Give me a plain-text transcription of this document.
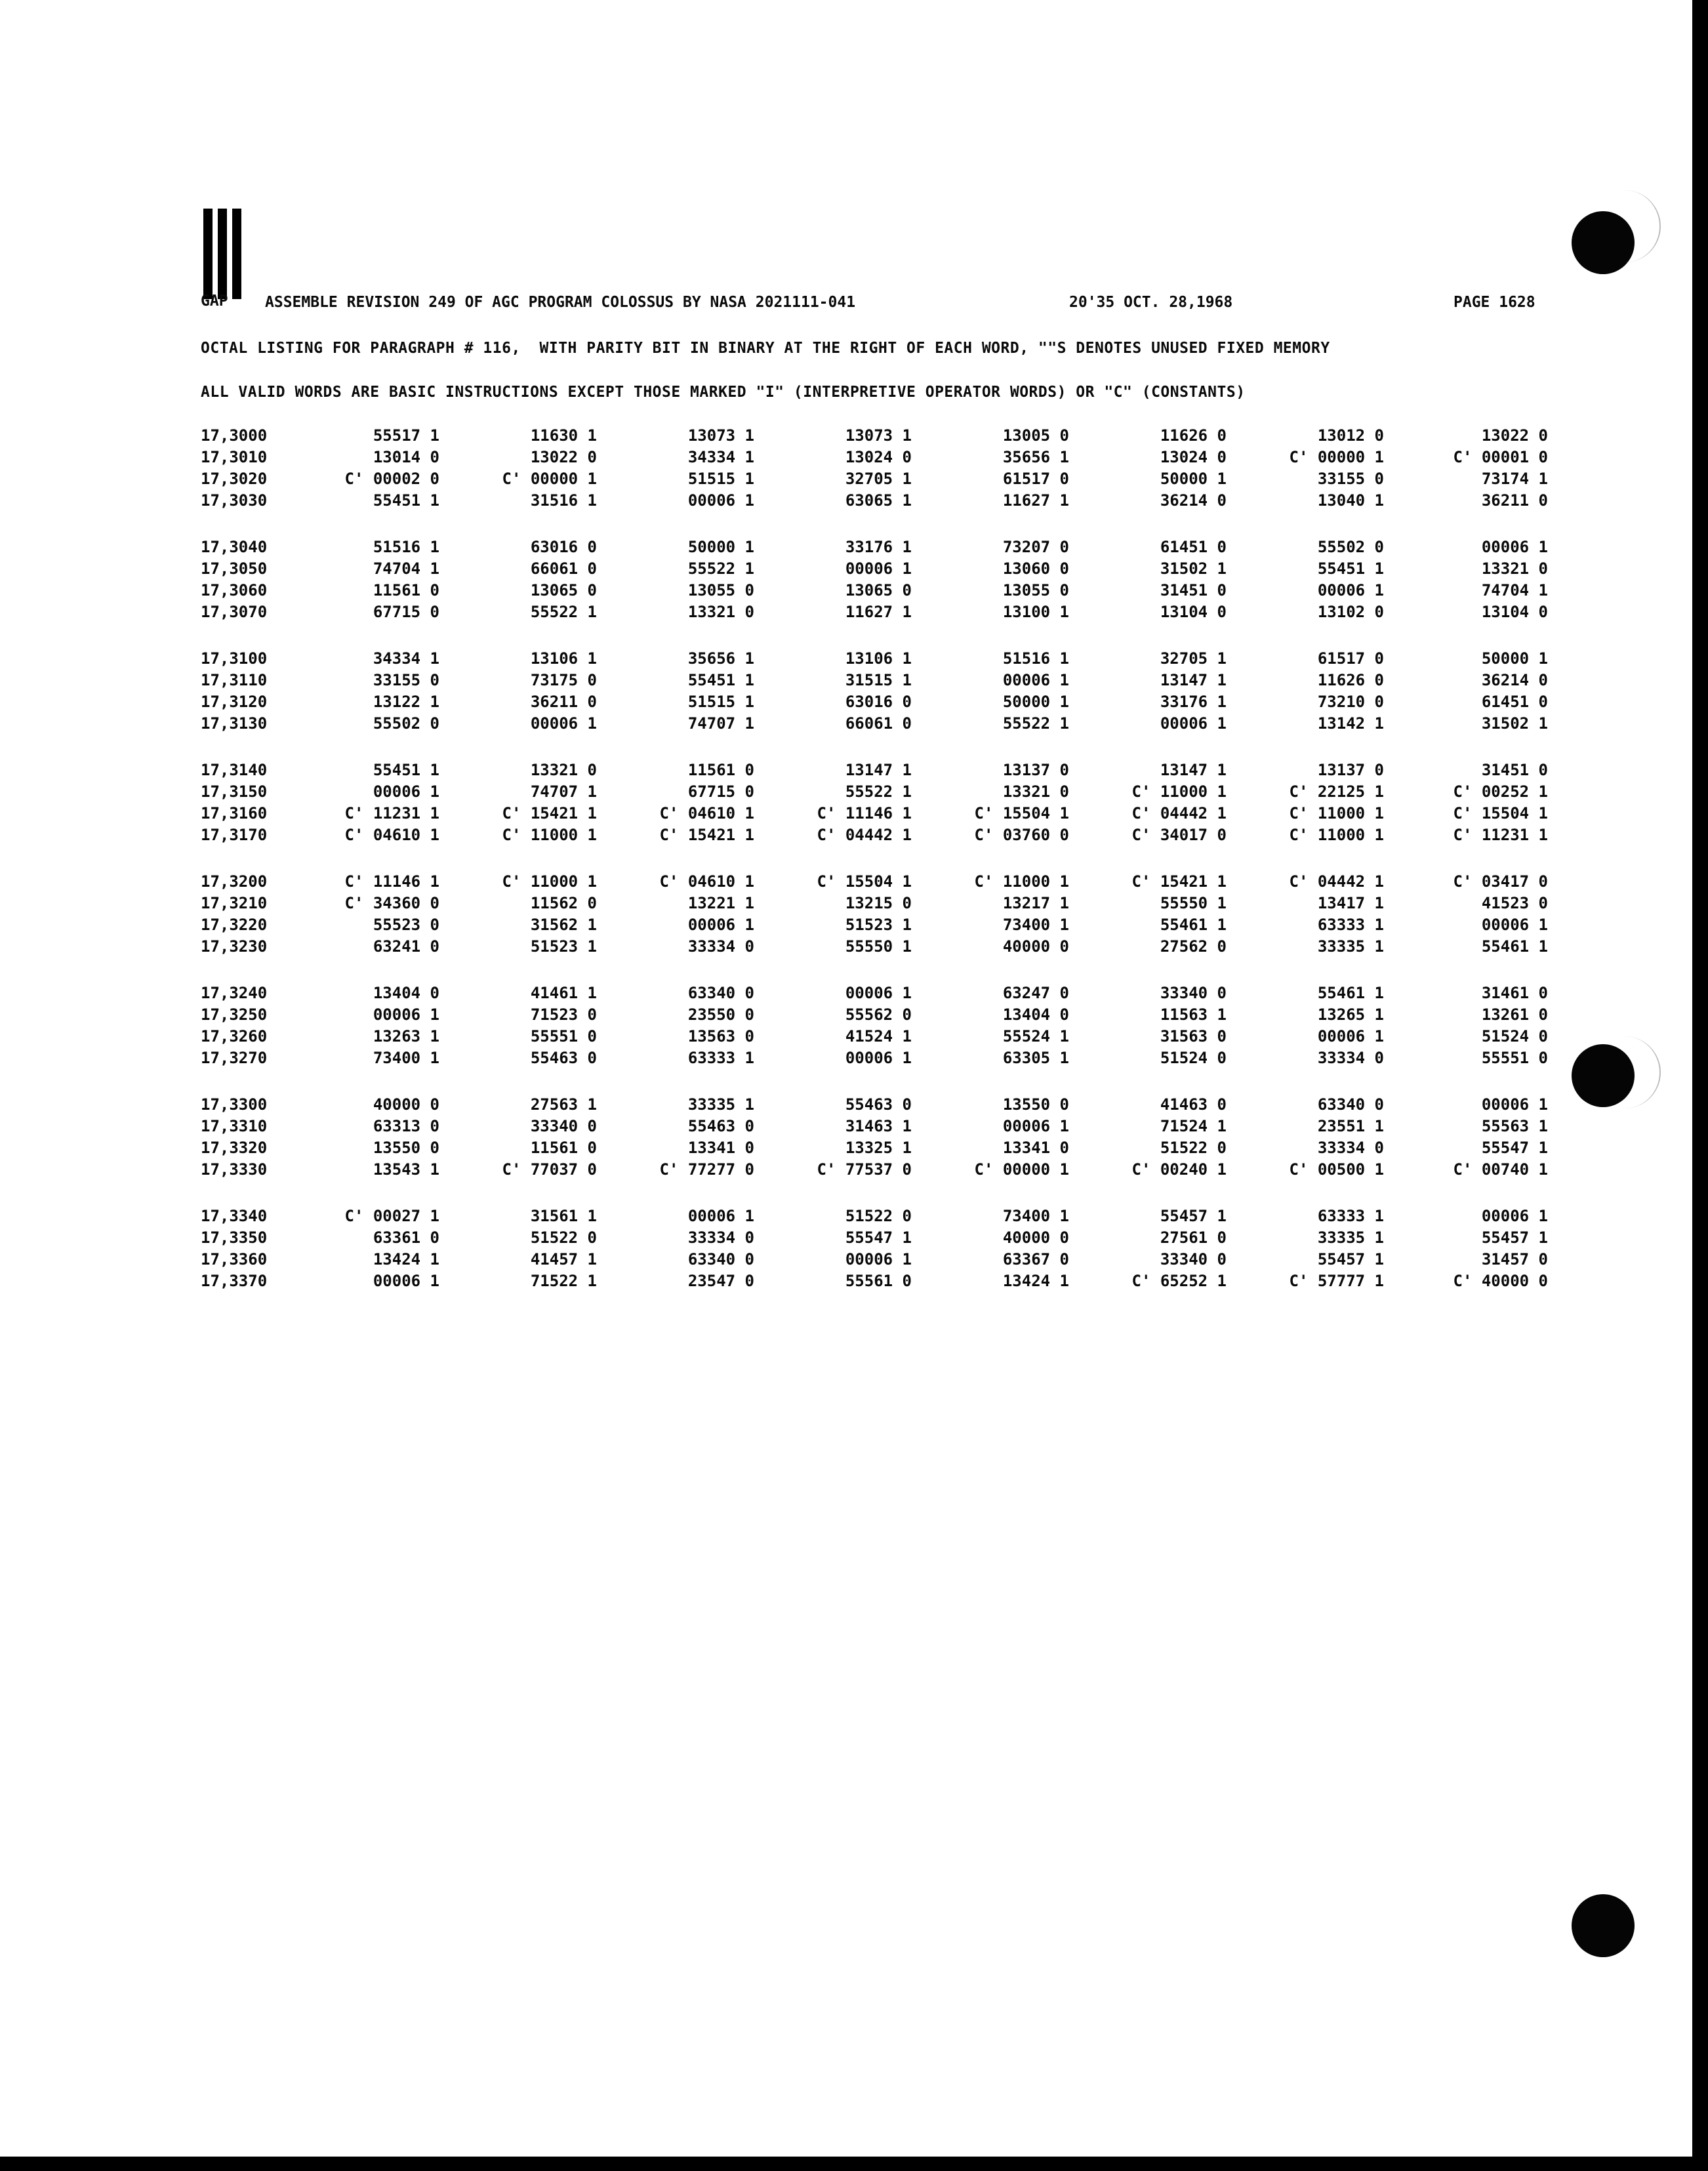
GAP ASSEMBLE REVISION 249 OF AGC PROGRAM COLOSSUS BY NASA 2021111-041	20'35 OCT. 28,1968	PAGE 1628
OCTAL LISTING FOR PARAGRAPH # 116,  WITH PARITY BIT IN BINARY AT THE RIGHT OF EACH WORD, ""S DENOTES UNUSED FIXED MEMORY
ALL VALID WORDS ARE BASIC INSTRUCTIONS EXCEPT THOSE MARKED "I" (INTERPRETIVE OPERATOR WORDS) OR "C" (CONSTANTS)
17,3000	55517 1	11630 1	13073 1	13073 1	13005 0	11626 0	13012 0	13022 0
17,3010	13014 0	13022 0	34334 1	13024 0	35656 1	13024 0	C' 00000 1	C' 00001 0
17,3020	C' 00002 0	C' 00000 1	51515 1	32705 1	61517 0	50000 1	33155 0	73174 1
17,3030	55451 1	31516 1	00006 1	63065 1	11627 1	36214 0	13040 1	36211 0
17,3040	51516 1	63016 0	50000 1	33176 1	73207 0	61451 0	55502 0	00006 1
17,3050	74704 1	66061 0	55522 1	00006 1	13060 0	31502 1	55451 1	13321 0
17,3060	11561 0	13065 0	13055 0	13065 0	13055 0	31451 0	00006 1	74704 1
17,3070	67715 0	55522 1	13321 0	11627 1	13100 1	13104 0	13102 0	13104 0
17,3100	34334 1	13106 1	35656 1	13106 1	51516 1	32705 1	61517 0	50000 1
17,3110	33155 0	73175 0	55451 1	31515 1	00006 1	13147 1	11626 0	36214 0
17,3120	13122 1	36211 0	51515 1	63016 0	50000 1	33176 1	73210 0	61451 0
17,3130	55502 0	00006 1	74707 1	66061 0	55522 1	00006 1	13142 1	31502 1
17,3140	55451 1	13321 0	11561 0	13147 1	13137 0	13147 1	13137 0	31451 0
17,3150	00006 1	74707 1	67715 0	55522 1	13321 0	C' 11000 1	C' 22125 1	C' 00252 1
17,3160	C' 11231 1	C' 15421 1	C' 04610 1	C' 11146 1	C' 15504 1	C' 04442 1	C' 11000 1	C' 15504 1
17,3170	C' 04610 1	C' 11000 1	C' 15421 1	C' 04442 1	C' 03760 0	C' 34017 0	C' 11000 1	C' 11231 1
17,3200	C' 11146 1	C' 11000 1	C' 04610 1	C' 15504 1	C' 11000 1	C' 15421 1	C' 04442 1	C' 03417 0
17,3210	C' 34360 0	11562 0	13221 1	13215 0	13217 1	55550 1	13417 1	41523 0
17,3220	55523 0	31562 1	00006 1	51523 1	73400 1	55461 1	63333 1	00006 1
17,3230	63241 0	51523 1	33334 0	55550 1	40000 0	27562 0	33335 1	55461 1
17,3240	13404 0	41461 1	63340 0	00006 1	63247 0	33340 0	55461 1	31461 0
17,3250	00006 1	71523 0	23550 0	55562 0	13404 0	11563 1	13265 1	13261 0
17,3260	13263 1	55551 0	13563 0	41524 1	55524 1	31563 0	00006 1	51524 0
17,3270	73400 1	55463 0	63333 1	00006 1	63305 1	51524 0	33334 0	55551 0
17,3300	40000 0	27563 1	33335 1	55463 0	13550 0	41463 0	63340 0	00006 1
17,3310	63313 0	33340 0	55463 0	31463 1	00006 1	71524 1	23551 1	55563 1
17,3320	13550 0	11561 0	13341 0	13325 1	13341 0	51522 0	33334 0	55547 1
17,3330	13543 1	C' 77037 0	C' 77277 0	C' 77537 0	C' 00000 1	C' 00240 1	C' 00500 1	C' 00740 1
17,3340	C' 00027 1	31561 1	00006 1	51522 0	73400 1	55457 1	63333 1	00006 1
17,3350	63361 0	51522 0	33334 0	55547 1	40000 0	27561 0	33335 1	55457 1
17,3360	13424 1	41457 1	63340 0	00006 1	63367 0	33340 0	55457 1	31457 0
17,3370	00006 1	71522 1	23547 0	55561 0	13424 1	C' 65252 1	C' 57777 1	C' 40000 0
